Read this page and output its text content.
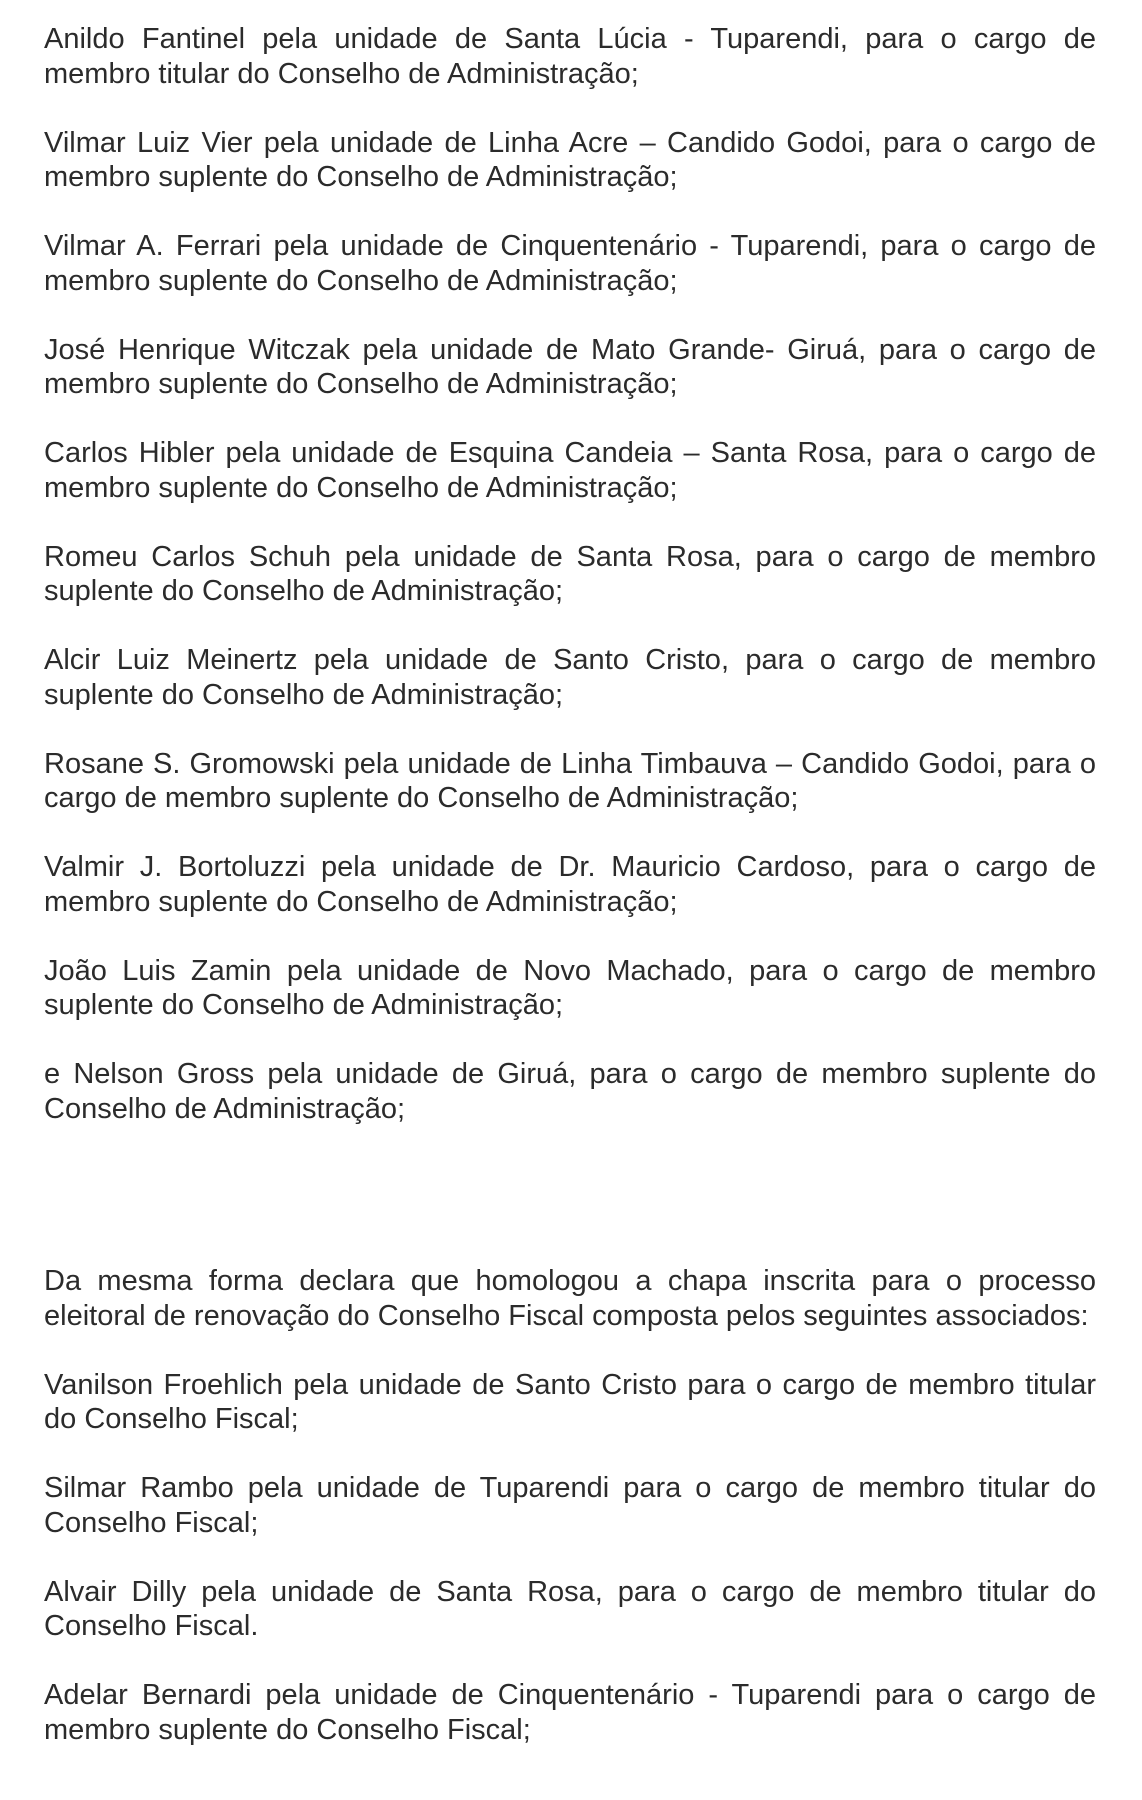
Anildo Fantinel pela unidade de Santa Lúcia - Tuparendi, para o cargo de membro titular do Conselho de Administração;

Vilmar Luiz Vier pela unidade de Linha Acre – Candido Godoi, para o cargo de membro suplente do Conselho de Administração;

Vilmar A. Ferrari pela unidade de Cinquentenário - Tuparendi, para o cargo de membro suplente do Conselho de Administração;

José Henrique Witczak pela unidade de Mato Grande- Giruá, para o cargo de membro suplente do Conselho de Administração;

Carlos Hibler pela unidade de Esquina Candeia – Santa Rosa, para o cargo de membro suplente do Conselho de Administração;

Romeu Carlos Schuh pela unidade de Santa Rosa, para o cargo de membro suplente do Conselho de Administração;

Alcir Luiz Meinertz pela unidade de Santo Cristo, para o cargo de membro suplente do Conselho de Administração;

Rosane S. Gromowski pela unidade de Linha Timbauva – Candido Godoi, para o cargo de membro suplente do Conselho de Administração;

Valmir J. Bortoluzzi pela unidade de Dr. Mauricio Cardoso, para o cargo de membro suplente do Conselho de Administração;

João Luis Zamin pela unidade de Novo Machado, para o cargo de membro suplente do Conselho de Administração;

e Nelson Gross pela unidade de Giruá, para o cargo de membro suplente do Conselho de Administração;

Da mesma forma declara que homologou a chapa inscrita para o processo eleitoral de renovação do Conselho Fiscal composta pelos seguintes associados:

Vanilson Froehlich pela unidade de Santo Cristo para o cargo de membro titular do Conselho Fiscal;

Silmar Rambo pela unidade de Tuparendi para o cargo de membro titular do Conselho Fiscal;

Alvair Dilly pela unidade de Santa Rosa, para o cargo de membro titular do Conselho Fiscal.

Adelar Bernardi pela unidade de Cinquentenário - Tuparendi para o cargo de membro suplente do Conselho Fiscal;
